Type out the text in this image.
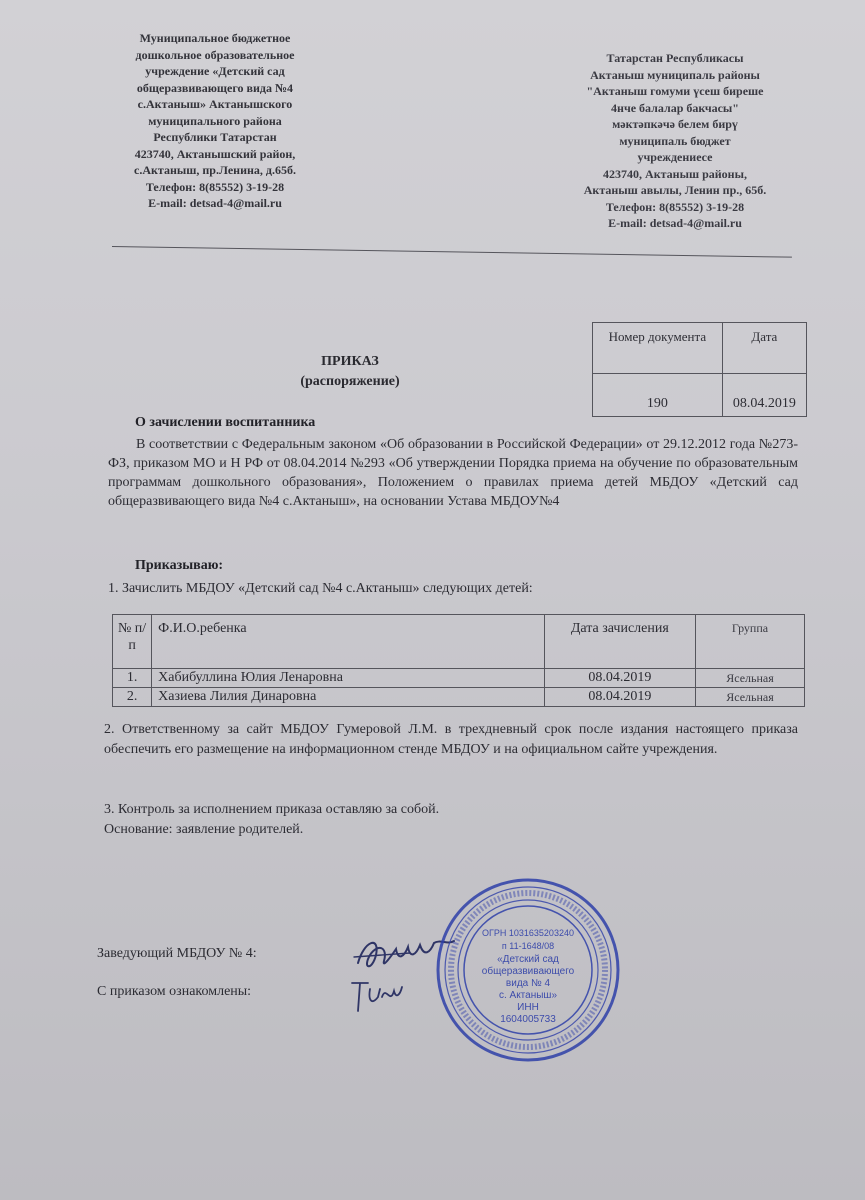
Муниципальное бюджетное
дошкольное образовательное
учреждение «Детский сад
общеразвивающего вида №4
с.Актаныш» Актанышского
муниципального района
Республики Татарстан
423740, Актанышский район,
с.Актаныш, пр.Ленина, д.65б.
Телефон: 8(85552) 3-19-28
E-mail: detsad-4@mail.ru
Татарстан Республикасы
Актаныш муниципаль районы
"Актаныш гомуми үсеш биреше
4нче балалар бакчасы"
мәктәпкәчә белем бирү
муниципаль бюджет
учреждениесе
423740, Актаныш районы,
Актаныш авылы, Ленин пр., 65б.
Телефон: 8(85552) 3-19-28
E-mail: detsad-4@mail.ru
Номер документа	Дата
190	08.04.2019
ПРИКАЗ
(распоряжение)
О зачислении воспитанника
В соответствии с Федеральным законом «Об образовании в Российской Федерации» от 29.12.2012 года №273-ФЗ, приказом МО и Н РФ от 08.04.2014 №293 «Об утверждении Порядка приема на обучение по образовательным программам дошкольного образования», Положением о правилах приема детей МБДОУ «Детский сад общеразвивающего вида №4 с.Актаныш», на основании Устава МБДОУ№4
Приказываю:
1. Зачислить МБДОУ «Детский сад №4 с.Актаныш» следующих детей:
№ п/п	Ф.И.О.ребенка	Дата зачисления	Группа
1.	Хабибуллина Юлия Ленаровна	08.04.2019	Ясельная
2.	Хазиева Лилия Динаровна	08.04.2019	Ясельная
2. Ответственному за сайт МБДОУ Гумеровой Л.М. в трехдневный срок после издания настоящего приказа обеспечить его размещение на информационном стенде МБДОУ и на официальном сайте учреждения.
3. Контроль за исполнением приказа оставляю за собой.
Основание: заявление родителей.
Заведующий МБДОУ № 4:
С приказом ознакомлены:
ОГРН 1031635203240
п 11-1648/08
«Детский сад
общеразвивающего
вида № 4
с. Актаныш»
ИНН
1604005733
